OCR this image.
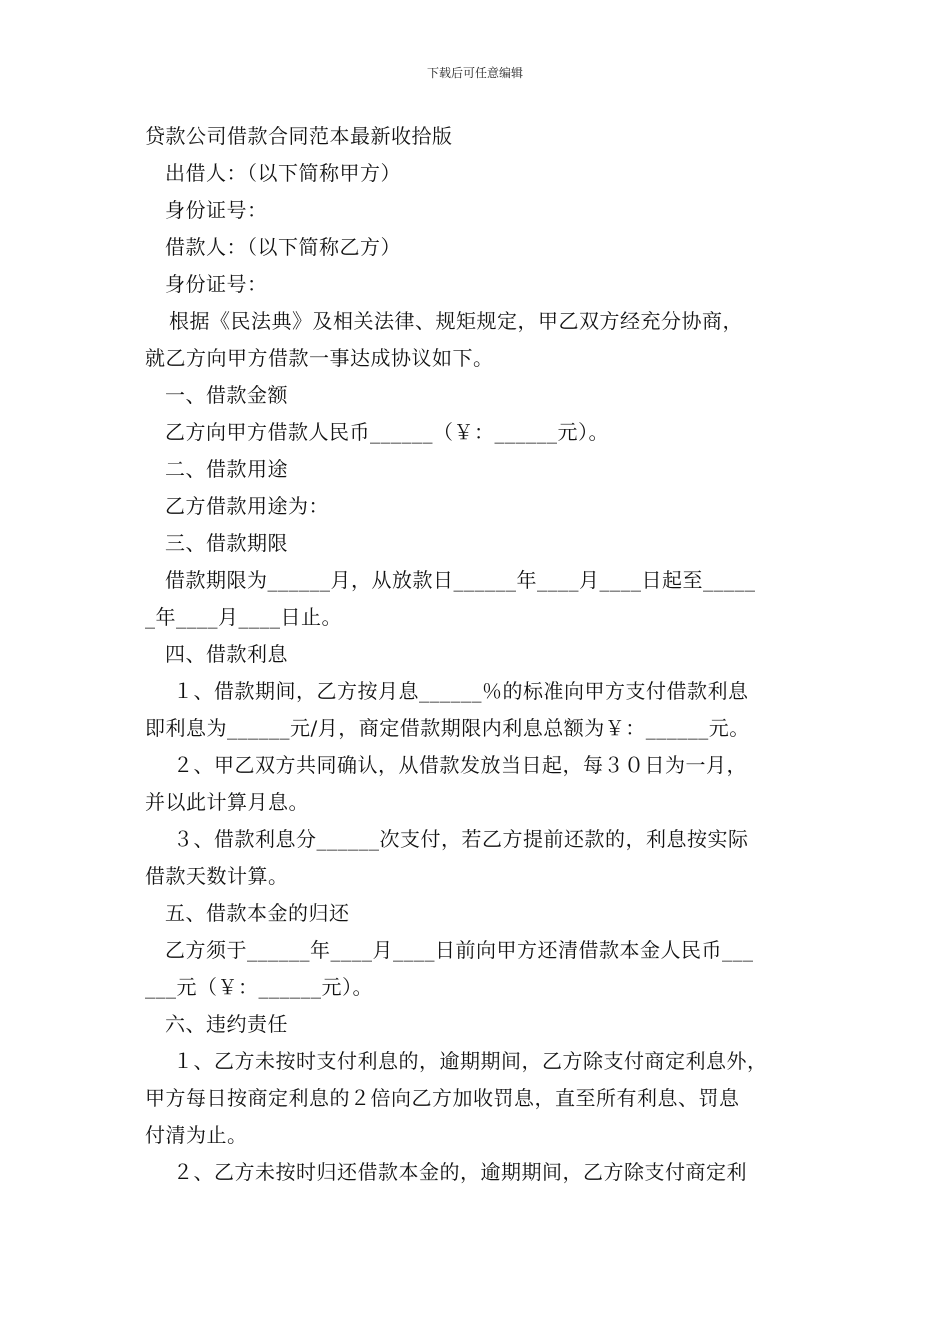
下载后可任意编辑
贷款公司借款合同范本最新收拾版
出借人：（以下简称甲方）
身份证号：
借款人：（以下简称乙方）
身份证号：
根据《民法典》及相关法律、规矩规定，甲乙双方经充分协商，
就乙方向甲方借款一事达成协议如下。
一、借款金额
乙方向甲方借款人民币______（￥：______元）。
二、借款用途
乙方借款用途为：
三、借款期限
借款期限为______月，从放款日______年____月____日起至_____
_年____月____日止。
四、借款利息
１、借款期间，乙方按月息______％的标准向甲方支付借款利息
即利息为______元/月，商定借款期限内利息总额为￥：______元。
２、甲乙双方共同确认，从借款发放当日起，每３０日为一月，
并以此计算月息。
３、借款利息分______次支付，若乙方提前还款的，利息按实际
借款天数计算。
五、借款本金的归还
乙方须于______年____月____日前向甲方还清借款本金人民币___
___元（￥：______元）。
六、违约责任
１、乙方未按时支付利息的，逾期期间，乙方除支付商定利息外，
甲方每日按商定利息的２倍向乙方加收罚息，直至所有利息、罚息
付清为止。
２、乙方未按时归还借款本金的，逾期期间，乙方除支付商定利
